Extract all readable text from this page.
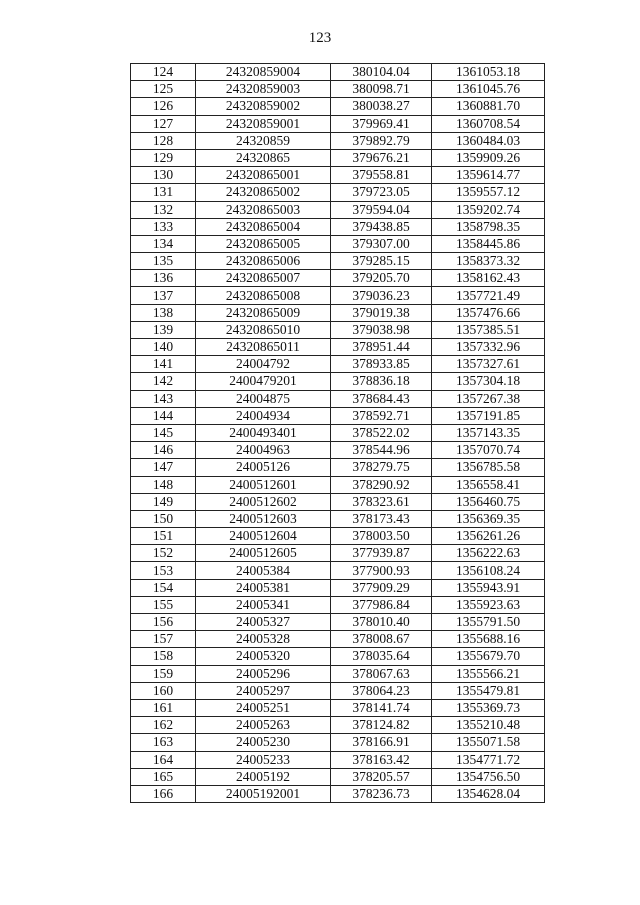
123
124	24320859004	380104.04	1361053.18
125	24320859003	380098.71	1361045.76
126	24320859002	380038.27	1360881.70
127	24320859001	379969.41	1360708.54
128	24320859	379892.79	1360484.03
129	24320865	379676.21	1359909.26
130	24320865001	379558.81	1359614.77
131	24320865002	379723.05	1359557.12
132	24320865003	379594.04	1359202.74
133	24320865004	379438.85	1358798.35
134	24320865005	379307.00	1358445.86
135	24320865006	379285.15	1358373.32
136	24320865007	379205.70	1358162.43
137	24320865008	379036.23	1357721.49
138	24320865009	379019.38	1357476.66
139	24320865010	379038.98	1357385.51
140	24320865011	378951.44	1357332.96
141	24004792	378933.85	1357327.61
142	2400479201	378836.18	1357304.18
143	24004875	378684.43	1357267.38
144	24004934	378592.71	1357191.85
145	2400493401	378522.02	1357143.35
146	24004963	378544.96	1357070.74
147	24005126	378279.75	1356785.58
148	2400512601	378290.92	1356558.41
149	2400512602	378323.61	1356460.75
150	2400512603	378173.43	1356369.35
151	2400512604	378003.50	1356261.26
152	2400512605	377939.87	1356222.63
153	24005384	377900.93	1356108.24
154	24005381	377909.29	1355943.91
155	24005341	377986.84	1355923.63
156	24005327	378010.40	1355791.50
157	24005328	378008.67	1355688.16
158	24005320	378035.64	1355679.70
159	24005296	378067.63	1355566.21
160	24005297	378064.23	1355479.81
161	24005251	378141.74	1355369.73
162	24005263	378124.82	1355210.48
163	24005230	378166.91	1355071.58
164	24005233	378163.42	1354771.72
165	24005192	378205.57	1354756.50
166	24005192001	378236.73	1354628.04
